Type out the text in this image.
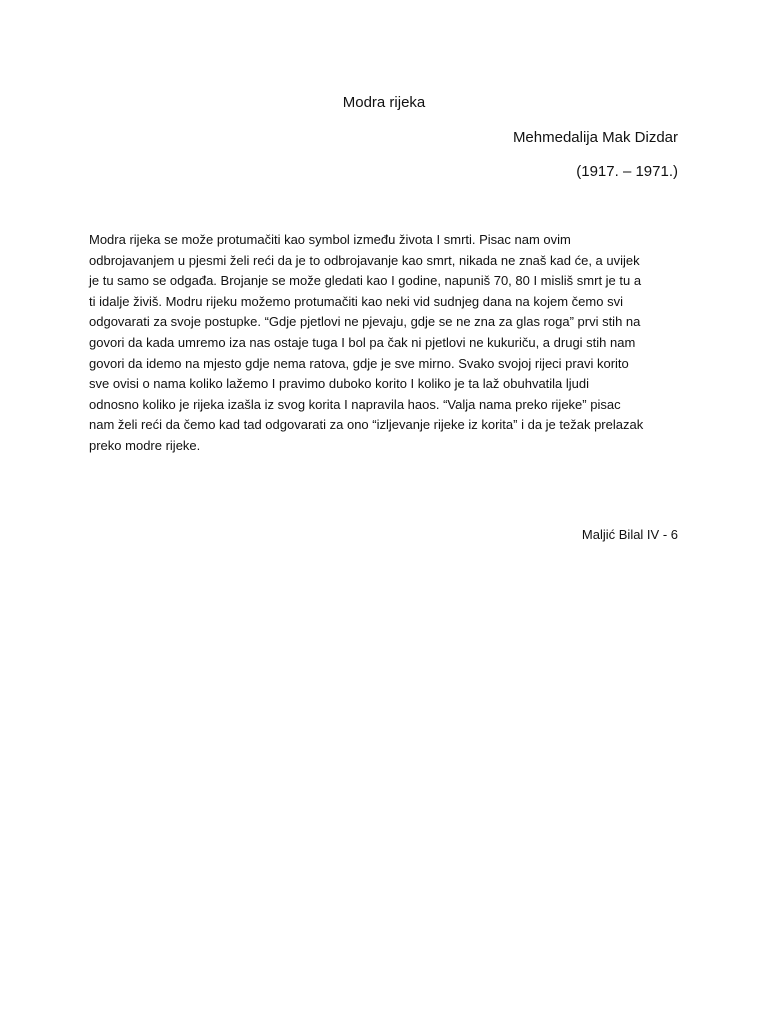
Modra rijeka
Mehmedalija Mak Dizdar
(1917. – 1971.)
Modra rijeka se može protumačiti kao symbol između života I smrti. Pisac nam ovim
odbrojavanjem u pjesmi želi reći da je to odbrojavanje kao smrt, nikada ne znaš kad će, a uvijek
je tu samo se odgađa. Brojanje se može gledati kao I godine, napuniš 70, 80 I misliš smrt je tu a
ti idalje živiš. Modru rijeku možemo protumačiti kao neki vid sudnjeg dana na kojem čemo svi
odgovarati za svoje postupke. “Gdje pjetlovi ne pjevaju, gdje se ne zna za glas roga” prvi stih na
govori da kada umremo iza nas ostaje tuga I bol pa čak ni pjetlovi ne kukuriču, a drugi stih nam
govori da idemo na mjesto gdje nema ratova, gdje je sve mirno. Svako svojoj rijeci pravi korito
sve ovisi o nama koliko lažemo I pravimo duboko korito I koliko je ta laž obuhvatila ljudi
odnosno koliko je rijeka izašla iz svog korita I napravila haos. “Valja nama preko rijeke” pisac
nam želi reći da čemo kad tad odgovarati za ono “izljevanje rijeke iz korita” i da je težak prelazak
preko modre rijeke.
Maljić Bilal IV - 6
